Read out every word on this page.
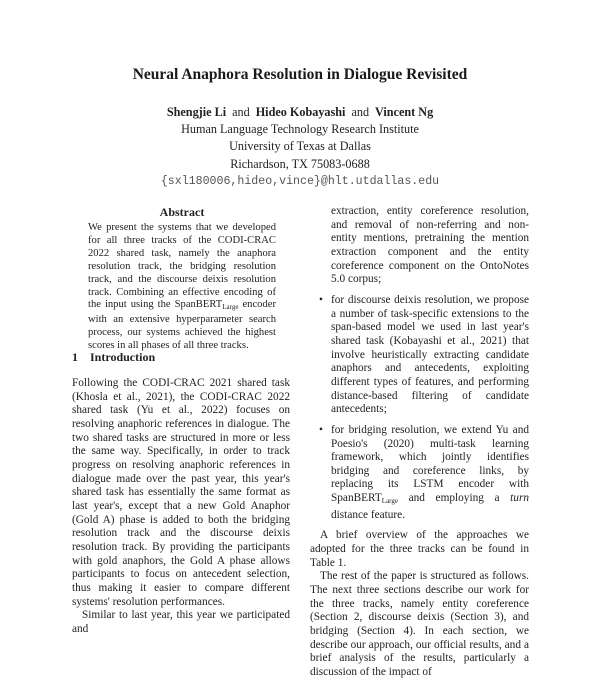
Neural Anaphora Resolution in Dialogue Revisited
Shengjie Li and Hideo Kobayashi and Vincent Ng
Human Language Technology Research Institute
University of Texas at Dallas
Richardson, TX 75083-0688
{sxl180006,hideo,vince}@hlt.utdallas.edu
Abstract
We present the systems that we developed for all three tracks of the CODI-CRAC 2022 shared task, namely the anaphora resolution track, the bridging resolution track, and the discourse deixis resolution track. Combining an effective encoding of the input using the SpanBERT$_{Large}$ encoder with an extensive hyperparameter search process, our systems achieved the highest scores in all phases of all three tracks.
1 Introduction

Following the CODI-CRAC 2021 shared task (Khosla et al., 2021), the CODI-CRAC 2022 shared task (Yu et al., 2022) focuses on resolving anaphoric references in dialogue. The two shared tasks are structured in more or less the same way. Specifically, in order to track progress on resolving anaphoric references in dialogue made over the past year, this year's shared task has essentially the same format as last year's, except that a new Gold Anaphor (Gold A) phase is added to both the bridging resolution track and the discourse deixis resolution track. By providing the participants with gold anaphors, the Gold A phase allows participants to focus on antecedent selection, thus making it easier to compare different systems' resolution performances.

Similar to last year, this year we participated and

extraction, entity coreference resolution, and removal of non-referring and non-entity mentions, pretraining the mention extraction component and the entity coreference component on the OntoNotes 5.0 corpus;
• for discourse deixis resolution, we propose a number of task-specific extensions to the span-based model we used in last year's shared task (Kobayashi et al., 2021) that involve heuristically extracting candidate anaphors and antecedents, exploiting different types of features, and performing distance-based filtering of candidate antecedents;
• for bridging resolution, we extend Yu and Poesio's (2020) multi-task learning framework, which jointly identifies bridging and coreference links, by replacing its LSTM encoder with SpanBERT$_{Large}$ and employing a turn distance feature.

A brief overview of the approaches we adopted for the three tracks can be found in Table 1.

The rest of the paper is structured as follows. The next three sections describe our work for the three tracks, namely entity coreference (Section 2, discourse deixis (Section 3), and bridging (Section 4). In each section, we describe our approach, our official results, and a brief analysis of the results, particularly a discussion of the impact of
